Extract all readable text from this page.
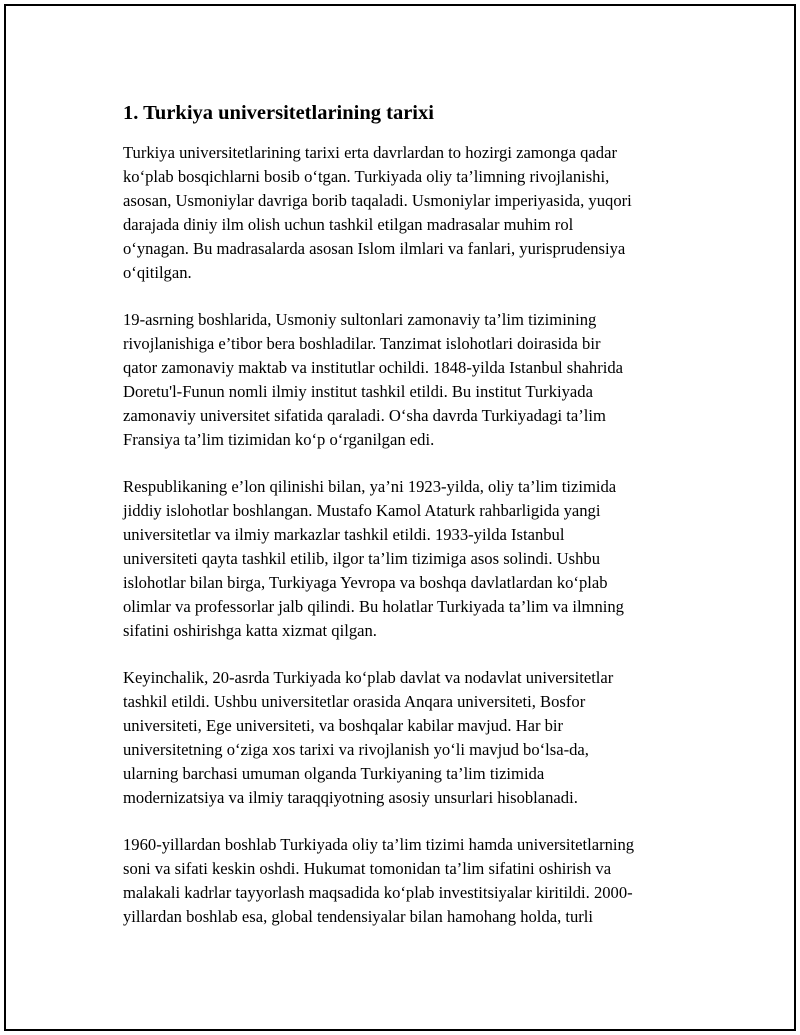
1. Turkiya universitetlarining tarixi
Turkiya universitetlarining tarixi erta davrlardan to hozirgi zamonga qadar
ko‘plab bosqichlarni bosib o‘tgan. Turkiyada oliy ta’limning rivojlanishi,
asosan, Usmoniylar davriga borib taqaladi. Usmoniylar imperiyasida, yuqori
darajada diniy ilm olish uchun tashkil etilgan madrasalar muhim rol
o‘ynagan. Bu madrasalarda asosan Islom ilmlari va fanlari, yurisprudensiya
o‘qitilgan.
19-asrning boshlarida, Usmoniy sultonlari zamonaviy ta’lim tizimining
rivojlanishiga e’tibor bera boshladilar. Tanzimat islohotlari doirasida bir
qator zamonaviy maktab va institutlar ochildi. 1848-yilda Istanbul shahrida
Doretu'l-Funun nomli ilmiy institut tashkil etildi. Bu institut Turkiyada
zamonaviy universitet sifatida qaraladi. O‘sha davrda Turkiyadagi ta’lim
Fransiya ta’lim tizimidan ko‘p o‘rganilgan edi.
Respublikaning e’lon qilinishi bilan, ya’ni 1923-yilda, oliy ta’lim tizimida
jiddiy islohotlar boshlangan. Mustafo Kamol Ataturk rahbarligida yangi
universitetlar va ilmiy markazlar tashkil etildi. 1933-yilda Istanbul
universiteti qayta tashkil etilib, ilgor ta’lim tizimiga asos solindi. Ushbu
islohotlar bilan birga, Turkiyaga Yevropa va boshqa davlatlardan ko‘plab
olimlar va professorlar jalb qilindi. Bu holatlar Turkiyada ta’lim va ilmning
sifatini oshirishga katta xizmat qilgan.
Keyinchalik, 20-asrda Turkiyada ko‘plab davlat va nodavlat universitetlar
tashkil etildi. Ushbu universitetlar orasida Anqara universiteti, Bosfor
universiteti, Ege universiteti, va boshqalar kabilar mavjud. Har bir
universitetning o‘ziga xos tarixi va rivojlanish yo‘li mavjud bo‘lsa-da,
ularning barchasi umuman olganda Turkiyaning ta’lim tizimida
modernizatsiya va ilmiy taraqqiyotning asosiy unsurlari hisoblanadi.
1960-yillardan boshlab Turkiyada oliy ta’lim tizimi hamda universitetlarning
soni va sifati keskin oshdi. Hukumat tomonidan ta’lim sifatini oshirish va
malakali kadrlar tayyorlash maqsadida ko‘plab investitsiyalar kiritildi. 2000-
yillardan boshlab esa, global tendensiyalar bilan hamohang holda, turli
